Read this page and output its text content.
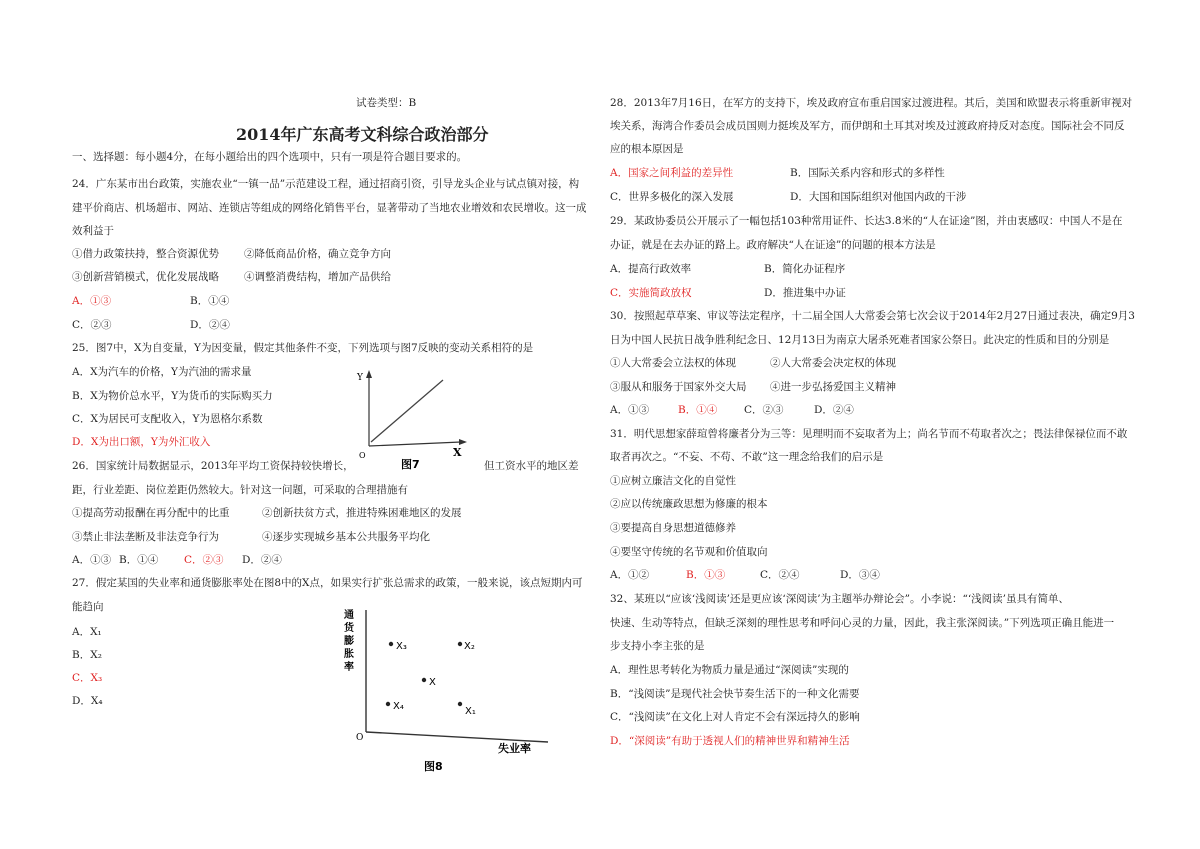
试卷类型：B
2014年广东高考文科综合政治部分
一、选择题：每小题4分，在每小题给出的四个选项中，只有一项是符合题目要求的。
24．广东某市出台政策，实施农业“一镇一品”示范建设工程，通过招商引资，引导龙头企业与试点镇对接，构
建平价商店、机场超市、网站、连锁店等组成的网络化销售平台，显著带动了当地农业增效和农民增收。这一成
效利益于
①借力政策扶持，整合资源优势 ②降低商品价格，确立竞争方向
③创新营销模式，优化发展战略 ④调整消费结构，增加产品供给
A．①③	B．①④
C．②③	D．②④
25．图7中，X为自变量，Y为因变量，假定其他条件不变，下列选项与图7反映的变动关系相符的是
A．X为汽车的价格，Y为汽油的需求量
B．X为物价总水平，Y为货币的实际购买力
C．X为居民可支配收入，Y为恩格尔系数
D．X为出口额，Y为外汇收入
Y
X
O
图7
26．国家统计局数据显示，2013年平均工资保持较快增长，	但工资水平的地区差
距，行业差距、岗位差距仍然较大。针对这一问题，可采取的合理措施有
①提高劳动报酬在再分配中的比重	②创新扶贫方式，推进特殊困难地区的发展
③禁止非法垄断及非法竞争行为	④逐步实现城乡基本公共服务平均化
A．①③ B．①④ C．②③ D．②④
27．假定某国的失业率和通货膨胀率处在图8中的X点，如果实行扩张总需求的政策，一般来说，该点短期内可
能趋向
A．X₁
B．X₂
C．X₃
D．X₄
通
货
膨
胀
率
失业率
O
X₃	X₂
X
X₄	X₁
图8
28．2013年7月16日，在军方的支持下，埃及政府宣布重启国家过渡进程。其后，美国和欧盟表示将重新审视对
埃关系，海湾合作委员会成员国则力挺埃及军方，而伊朗和土耳其对埃及过渡政府持反对态度。国际社会不同反
应的根本原因是
A．国家之间利益的差异性	B．国际关系内容和形式的多样性
C．世界多极化的深入发展	D．大国和国际组织对他国内政的干涉
29．某政协委员公开展示了一幅包括103种常用证件、长达3.8米的“人在证途”图，并由衷感叹：中国人不是在
办证，就是在去办证的路上。政府解决“人在证途”的问题的根本方法是
A．提高行政效率	B．简化办证程序
C．实施简政放权	D．推进集中办证
30．按照起草草案、审议等法定程序，十二届全国人大常委会第七次会议于2014年2月27日通过表决，确定9月3
日为中国人民抗日战争胜利纪念日、12月13日为南京大屠杀死难者国家公祭日。此决定的性质和目的分别是
①人大常委会立法权的体现	②人大常委会决定权的体现
③服从和服务于国家外交大局 ④进一步弘扬爱国主义精神
A．①③	B．①④	C．②③	D．②④
31．明代思想家薛瑄曾将廉者分为三等：见理明而不妄取者为上；尚名节而不苟取者次之；畏法律保禄位而不敢
取者再次之。“不妄、不苟、不敢”这一理念给我们的启示是
①应树立廉洁文化的自觉性
②应以传统廉政思想为修廉的根本
③要提高自身思想道德修养
④要坚守传统的名节观和价值取向
A．①②	B．①③	C．②④	D．③④
32、某班以“应该‘浅阅读’还是更应该‘深阅读’为主题举办辩论会”。小李说：“‘浅阅读’虽具有简单、
快速、生动等特点，但缺乏深刻的理性思考和呼问心灵的力量，因此，我主张深阅读。”下列选项正确且能进一
步支持小李主张的是
A．理性思考转化为物质力量是通过“深阅读”实现的
B．“浅阅读”是现代社会快节奏生活下的一种文化需要
C．“浅阅读”在文化上对人肯定不会有深远持久的影响
D．“深阅读”有助于透视人们的精神世界和精神生活
